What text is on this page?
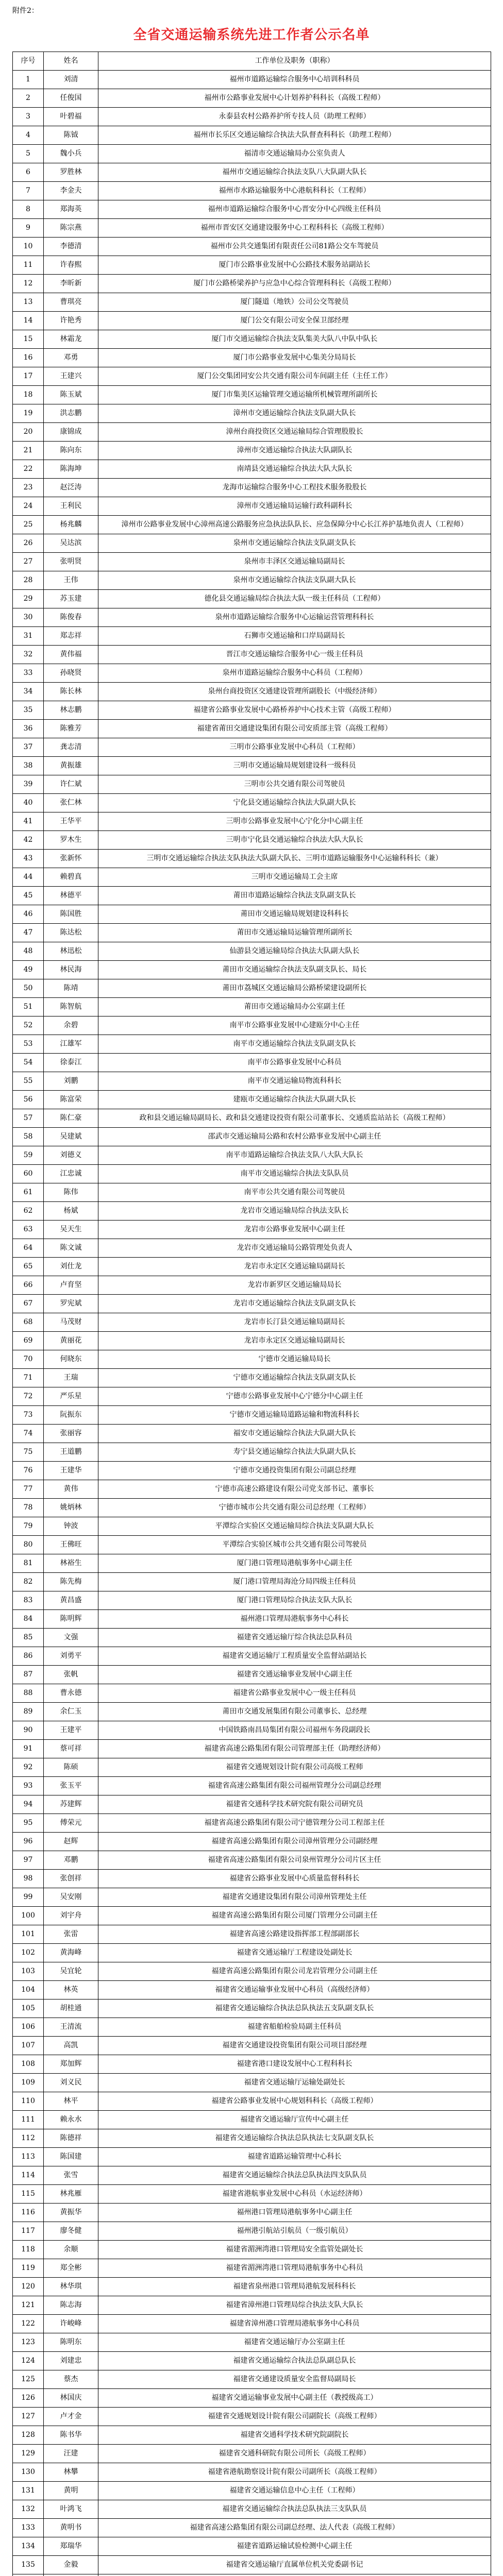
附件2：
全省交通运输系统先进工作者公示名单
序号	姓名	工作单位及职务（职称）
1	刘清	福州市道路运输综合服务中心培训科科员
2	任俊国	福州市公路事业发展中心计划养护科科长（高级工程师）
3	叶碧福	永泰县农村公路养护所专技人员（助理工程师）
4	陈钺	福州市长乐区交通运输综合执法大队督查科科长（助理工程师）
5	魏小兵	福清市交通运输局办公室负责人
6	罗胜林	福州市交通运输综合执法支队八大队副大队长
7	李金夫	福州市水路运输服务中心港航科科长（工程师）
8	郑海英	福州市道路运输综合服务中心晋安分中心四级主任科员
9	陈宗燕	福州市晋安区交通建设服务中心工程科科长（高级工程师）
10	李德清	福州市公共交通集团有限责任公司81路公交车驾驶员
11	许春熙	厦门市公路事业发展中心公路技术服务站副站长
12	李昕新	厦门市公路桥梁养护与应急中心综合管理科科长（高级工程师）
13	曹琪亮	厦门隧道（地铁）公司公交驾驶员
14	许艳秀	厦门公交有限公司安全保卫部经理
15	林霜龙	厦门市交通运输综合执法支队集美大队八中队中队长
16	邓勇	厦门市公路事业发展中心集美分局局长
17	王建兴	厦门公交集团同安公共交通有限公司车间副主任（主任工作）
18	陈玉斌	厦门市集美区运输管理交通运输所机械管理所副所长
19	洪志鹏	漳州市交通运输综合执法支队副大队长
20	康锦成	漳州台商投资区交通运输局综合管理股股长
21	陈向东	漳州市交通运输综合执法大队副队长
22	陈海坤	南靖县交通运输综合执法大队大队长
23	赵泛涛	龙海市运输综合服务中心工程技术服务股股长
24	王利民	漳州市交通运输局运输行政科副科长
25	杨兆麟	漳州市公路事业发展中心漳州高速公路服务应急执法队队长、应急保障分中心长江养护基地负责人（工程师）
26	吴达滨	泉州市交通运输综合执法支队副支队长
27	张明贤	泉州市丰泽区交通运输局副局长
28	王伟	泉州市交通运输综合执法支队副大队长
29	苏玉建	德化县交通运输局综合执法大队一级主任科员（工程师）
30	陈俊春	泉州市道路运输综合服务中心运输运营管理科科长
31	郑志祥	石狮市交通运输和口岸局副局长
32	黄伟福	晋江市交通运输综合服务中心一级主任科员
33	孙晓贤	泉州市道路运输综合服务中心科员（工程师）
34	陈长林	泉州台商投资区交通建设管理所副股长（中级经济师）
35	林志鹏	福建省公路事业发展中心路桥养护中心技术主管（高级工程师）
36	陈雅芳	福建省莆田交通建设集团有限公司安质部主管（高级工程师）
37	龚志清	三明市公路事业发展中心科员（工程师）
38	黄振雄	三明市交通运输局规划建设科一级科员
39	许仁斌	三明市公共交通有限公司驾驶员
40	张仁林	宁化县交通运输综合执法大队副大队长
41	王华平	三明市公路事业发展中心宁化分中心副主任
42	罗木生	三明市宁化县交通运输综合执法大队大队长
43	张新怀	三明市交通运输综合执法支队执法大队副大队长、三明市道路运输服务中心运输科科长（兼）
44	赖碧真	三明市交通运输局工会主席
45	林德平	莆田市道路运输综合执法支队副支队长
46	陈国胜	莆田市交通运输局规划建设科科长
47	陈达松	莆田市交通运输局运输管理所副所长
48	林迅松	仙游县交通运输局综合执法大队副大队长
49	林民海	莆田市交通运输综合执法支队副支队长、局长
50	陈靖	莆田市荔城区交通运输局公路桥梁建设副所长
51	陈智航	莆田市交通运输局办公室副主任
52	余碧	南平市公路事业发展中心建瓯分中心主任
53	江雄军	南平市交通运输综合执法支队副支队长
54	徐泰江	南平市公路事业发展中心科员
55	刘鹏	南平市交通运输局物流科科长
56	陈富荣	建瓯市交通运输综合执法大队副大队长
57	陈仁豪	政和县交通运输局副局长、政和县交通建设投资有限公司董事长、交通质监站站长（高级工程师）
58	吴建斌	邵武市交通运输局公路和农村公路事业发展中心副主任
59	刘德义	南平市道路运输综合执法支队八大队大队长
60	江忠诚	南平市交通运输综合执法支队队员
61	陈伟	南平市公共交通有限公司驾驶员
62	杨斌	龙岩市交通运输局综合执法支队长
63	吴天生	龙岩市公路事业发展中心副主任
64	陈文诚	龙岩市交通运输局公路管理处负责人
65	刘仕龙	龙岩市永定区交通运输局副局长
66	卢育坚	龙岩市新罗区交通运输局局长
67	罗宪斌	龙岩市交通运输综合执法支队副支队长
68	马茂财	龙岩市长汀县交通运输局副局长
69	黄丽花	龙岩市永定区交通运输局副局长
70	何晓东	宁德市交通运输局局长
71	王瑞	宁德市交通运输综合执法支队副支队长
72	严乐星	宁德市公路事业发展中心宁德分中心副主任
73	阮振东	宁德市交通运输局道路运输和物流科科长
74	张丽容	福安市交通运输综合执法大队副大队长
75	王道鹏	寿宁县交通运输综合执法大队副大队长
76	王建华	宁德市交通投资集团有限公司副总经理
77	黄伟	宁德市高速公路建设有限公司党支部书记、董事长
78	姚炳林	宁德市城市公共交通有限公司总经理（工程师）
79	钟波	平潭综合实验区交通运输局综合执法支队副大队长
80	王佛旺	平潭综合实验区城市公共交通有限公司驾驶员
81	林裕生	厦门港口管理局港航事务中心副主任
82	陈先梅	厦门港口管理局海沧分局四级主任科员
83	黄昌盛	厦门港口管理局综合执法支队大队长
84	陈明辉	福州港口管理局港航事务中心科长
85	文强	福建省交通运输厅综合执法总队科员
86	刘勇平	福建省交通运输厅工程质量安全监督站副站长
87	张帆	福建省交通运输事业发展中心副主任
88	曹永德	福建省公路事业发展中心一级主任科员
89	余仁玉	莆田市交通发展集团有限公司董事长、总经理
90	王建平	中国铁路南昌局集团有限公司福州车务段副段长
91	蔡可祥	福建省高速公路集团有限公司管理部主任（助理经济师）
92	陈硕	福建省交通规划设计院有限公司高级工程师
93	张玉平	福建省高速公路集团有限公司福州管理分公司副总经理
94	苏建辉	福建省交通科学技术研究院有限公司研究员
95	傅荣元	福建省高速公路集团有限公司宁德管理分公司工程部主任
96	赵辉	福建省高速公路集团有限公司漳州管理分公司副经理
97	邓鹏	福建省高速公路集团有限公司泉州管理分公司片区主任
98	张创祥	福建省公路事业发展中心质量监督科科长
99	吴安刚	福建省交通建设集团有限公司漳州管理处主任
100	刘宇舟	福建省高速公路集团有限公司厦门管理分公司副主任
101	张雷	福建省高速公路建设指挥部工程部副部长
102	黄海峰	福建省交通运输厅工程建设处副处长
103	吴宜轮	福建省高速公路集团有限公司龙岩管理分公司副主任
104	林英	福建省交通运输事业发展中心科员（高级经济师）
105	胡桂通	福建省交通运输综合执法总队执法五支队副支队长
106	王清流	福建省船舶检验局副主任科员
107	高凯	福建省交通建设投资集团有限公司项目部经理
108	郑加辉	福建省港口建设发展中心工程科科长
109	刘义民	福建省交通运输厅运输处副处长
110	林平	福建省公路事业发展中心规划科科长（高级工程师）
111	赖永水	福建省交通运输厅宣传中心副主任
112	陈德祥	福建省交通运输综合执法总队执法七支队副支队长
113	陈国建	福建省道路运输管理中心科长
114	张雪	福建省交通运输综合执法总队执法四支队队员
115	林兆雁	福建省港航事业发展中心科员（水运经济师）
116	黄振华	福州港口管理局港航事务中心副主任
117	廖冬健	福州港引航站引航员（一级引航员）
118	余顺	福建省湄洲湾港口管理局安全监管处副处长
119	郑全彬	福建省湄洲湾港口管理局港航事务中心科员
120	林华琪	福建省泉州港口管理局港航发展科科长
121	陈志海	福建省漳州港口管理局综合执法支队大队长
122	许峻峰	福建省漳州港口管理局港航事务中心科员
123	陈明东	福建省交通运输厅办公室副主任
124	刘建忠	福建省交通运输综合执法总队副总队长
125	蔡杰	福建省交通建设质量安全监督局副局长
126	林国庆	福建省交通运输事业发展中心副主任（教授级高工）
127	卢才金	福建省交通规划设计院有限公司副院长（高级工程师）
128	陈书华	福建省交通科学技术研究院副院长
129	汪建	福建省交通科研院有限公司所长（高级工程师）
130	林攀	福建省港航勘察设计院有限公司副所长（高级工程师）
131	黄明	福建省交通运输信息中心主任（工程师）
132	叶鸿飞	福建省交通运输综合执法总队执法三支队队员
133	黄明书	福建省高速公路集团有限公司副总经理、法人代表（高级工程师）
134	郑瑞华	福建省道路运输试验检测中心副主任
135	金毅	福建省交通运输厅直属单位机关党委副书记
